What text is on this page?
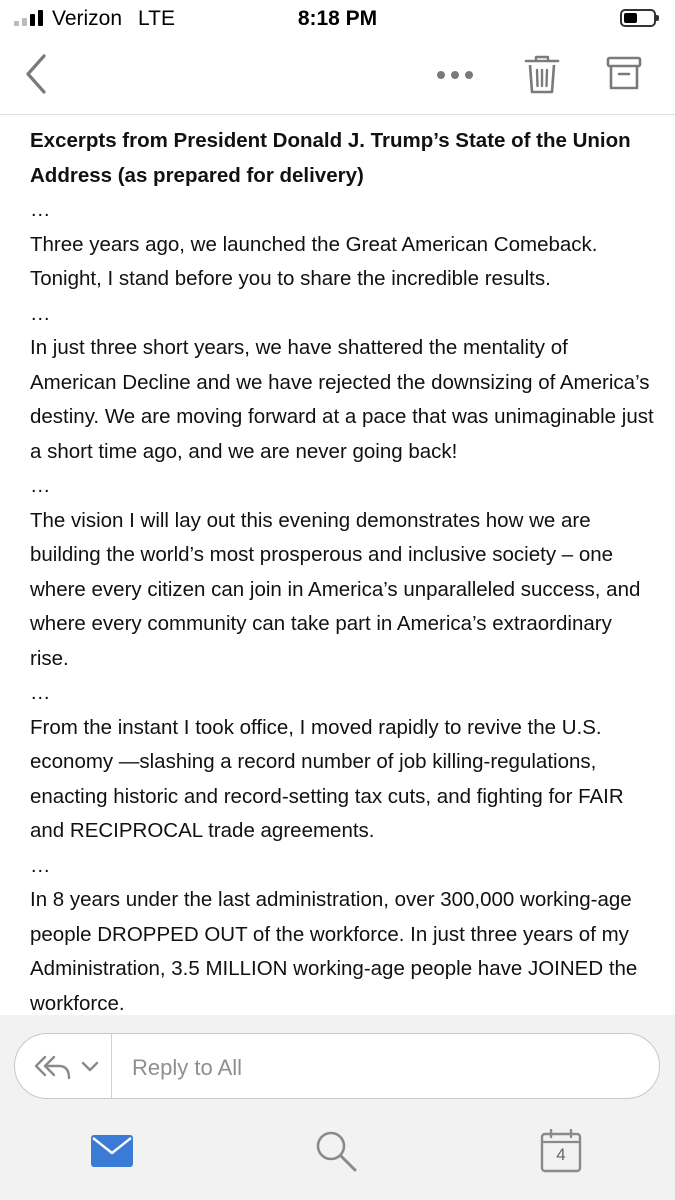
Verizon LTE	8:18 PM

Excerpts from President Donald J. Trump’s State of the Union Address (as prepared for delivery)

…

Three years ago, we launched the Great American Comeback. Tonight, I stand before you to share the incredible results.

…

In just three short years, we have shattered the mentality of American Decline and we have rejected the downsizing of America’s destiny. We are moving forward at a pace that was unimaginable just a short time ago, and we are never going back!

…

The vision I will lay out this evening demonstrates how we are building the world’s most prosperous and inclusive society – one where every citizen can join in America’s unparalleled success, and where every community can take part in America’s extraordinary rise.

…

From the instant I took office, I moved rapidly to revive the U.S. economy —slashing a record number of job killing-regulations, enacting historic and record-setting tax cuts, and fighting for FAIR and RECIPROCAL trade agreements.

…

In 8 years under the last administration, over 300,000 working-age people DROPPED OUT of the workforce. In just three years of my Administration, 3.5 MILLION working-age people have JOINED the workforce.

Reply to All
4
